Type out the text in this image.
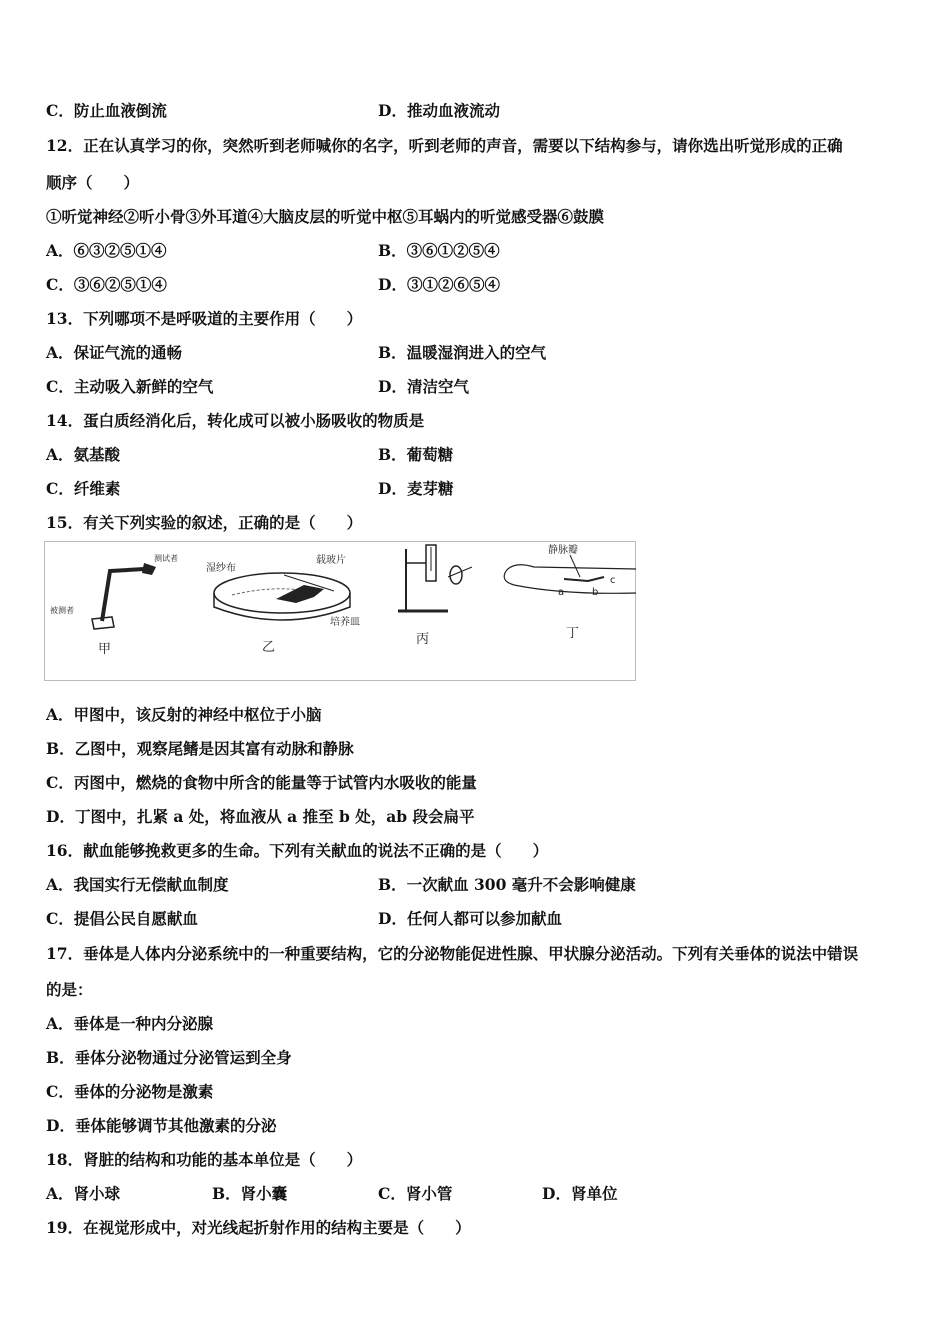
C．防止血液倒流	D．推动血液流动
12．正在认真学习的你，突然听到老师喊你的名字，听到老师的声音，需要以下结构参与，请你选出听觉形成的正确
顺序（　　）
①听觉神经②听小骨③外耳道④大脑皮层的听觉中枢⑤耳蜗内的听觉感受器⑥鼓膜
A．⑥③②⑤①④	B．③⑥①②⑤④
C．③⑥②⑤①④	D．③①②⑥⑤④
13．下列哪项不是呼吸道的主要作用（　　）
A．保证气流的通畅	B．温暖湿润进入的空气
C．主动吸入新鲜的空气	D．清洁空气
14．蛋白质经消化后，转化成可以被小肠吸收的物质是
A．氨基酸	B．葡萄糖
C．纤维素	D．麦芽糖
15．有关下列实验的叙述，正确的是（　　）
测试者
被测者
甲
湿纱布
载玻片
培养皿
乙
丙
静脉瓣
a	b
c
丁
A．甲图中，该反射的神经中枢位于小脑
B．乙图中，观察尾鳍是因其富有动脉和静脉
C．丙图中，燃烧的食物中所含的能量等于试管内水吸收的能量
D．丁图中，扎紧 a 处，将血液从 a 推至 b 处，ab 段会扁平
16．献血能够挽救更多的生命。下列有关献血的说法不正确的是（　　）
A．我国实行无偿献血制度	B．一次献血 300 毫升不会影响健康
C．提倡公民自愿献血	D．任何人都可以参加献血
17．垂体是人体内分泌系统中的一种重要结构，它的分泌物能促进性腺、甲状腺分泌活动。下列有关垂体的说法中错误
的是：
A．垂体是一种内分泌腺
B．垂体分泌物通过分泌管运到全身
C．垂体的分泌物是激素
D．垂体能够调节其他激素的分泌
18．肾脏的结构和功能的基本单位是（　　）
A．肾小球	B．肾小囊	C．肾小管	D．肾单位
19．在视觉形成中，对光线起折射作用的结构主要是（　　）
